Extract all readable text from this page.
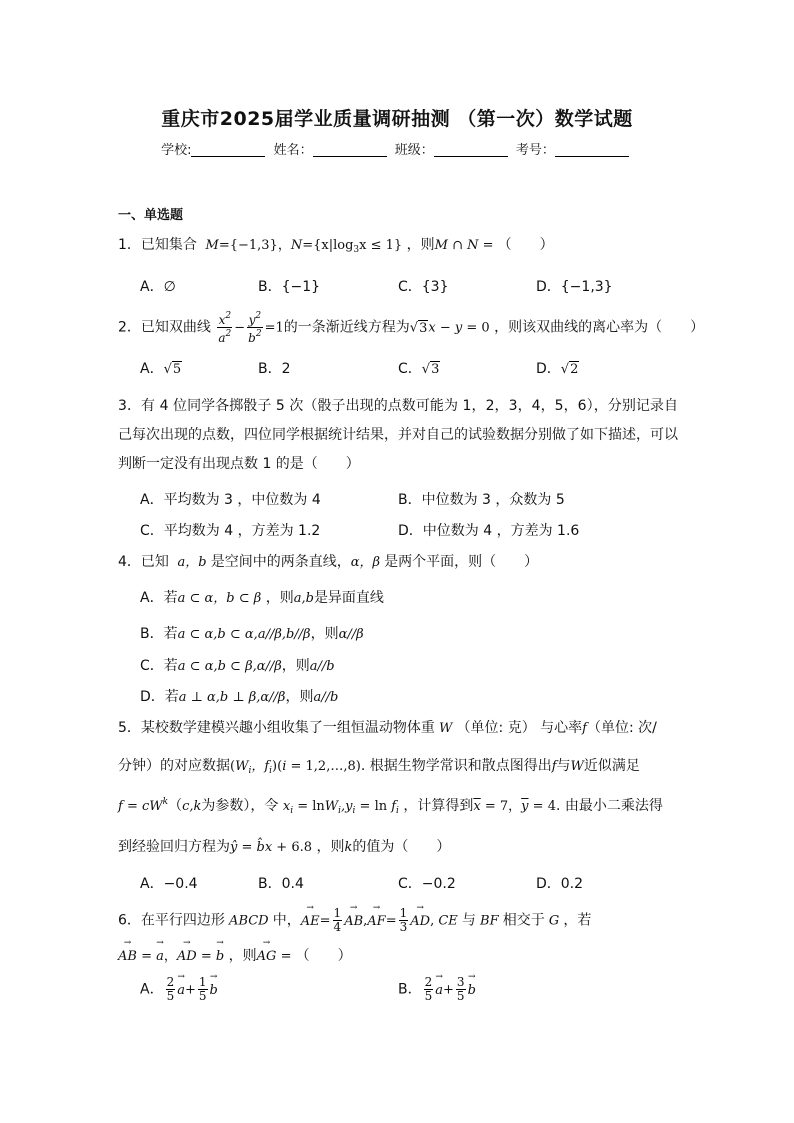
重庆市2025届学业质量调研抽测 （第一次）数学试题
学校:	姓名：	班级：	考号：
一、单选题
1．已知集合  M={−1,3}，$N=\{x|\log_3x \le 1\}$ ，则M ∩ N = （　　）
A．∅	B．{−1}	C．{3}	D．{−1,3}
2．已知双曲线 $\frac{x^2}{a^2} - \frac{y^2}{b^2} =1$的一条渐近线方程为√3x − y = 0 ，则该双曲线的离心率为（　　）
A．√5	B．2	C．√3	D．√2
3．有 4 位同学各掷骰子 5 次（骰子出现的点数可能为 1，2，3，4，5，6），分别记录自己每次出现的点数，四位同学根据统计结果，并对自己的试验数据分别做了如下描述，可以判断一定没有出现点数 1 的是（　　）
A．平均数为 3 ，中位数为 4	B．中位数为 3 ，众数为 5
C．平均数为 4 ，方差为 1.2	D．中位数为 4 ，方差为 1.6
4．已知  a，b 是空间中的两条直线，α，β 是两个平面，则（　　）
A．若a ⊂ α，b ⊂ β ，则a,b是异面直线
B．若a ⊂ α,b ⊂ α,a//β,b//β，则α//β
C．若a ⊂ α,b ⊂ β,α//β，则a//b
D．若a ⊥ α,b ⊥ β,α//β，则a//b
5．某校数学建模兴趣小组收集了一组恒温动物体重 W （单位: 克） 与心率f（单位: 次/
分钟）的对应数据($W_i$，$f_i)(i$ = 1,2,…,8). 根据生物学常识和散点图得出f与W近似满足
$f = cW^k(c,k$为参数），令 $x_i = \ln W_i,y_i = \ln f_i$ ，计算得到$\overline{x} = 7$，$\overline{y} = 4$. 由最小二乘法得
到经验回归方程为ŷ = b̂x + 6.8 ，则k的值为（　　）
A．−0.4	B．0.4	C．−0.2	D．0.2
6．在平行四边形 ABCD 中，→ $AE= \frac{1}{4} \to AB,\to AF= \frac{1}{3}$ → AD, CE 与 BF 相交于 G ，若
→ AB = → a，→ AD = → b ，则→ AG = （　　）
A． $\frac{2}{5} \to a+ \frac{1}{5} \to b$	B． $\frac{2}{5} \to a+ \frac{3}{5} \to b$
